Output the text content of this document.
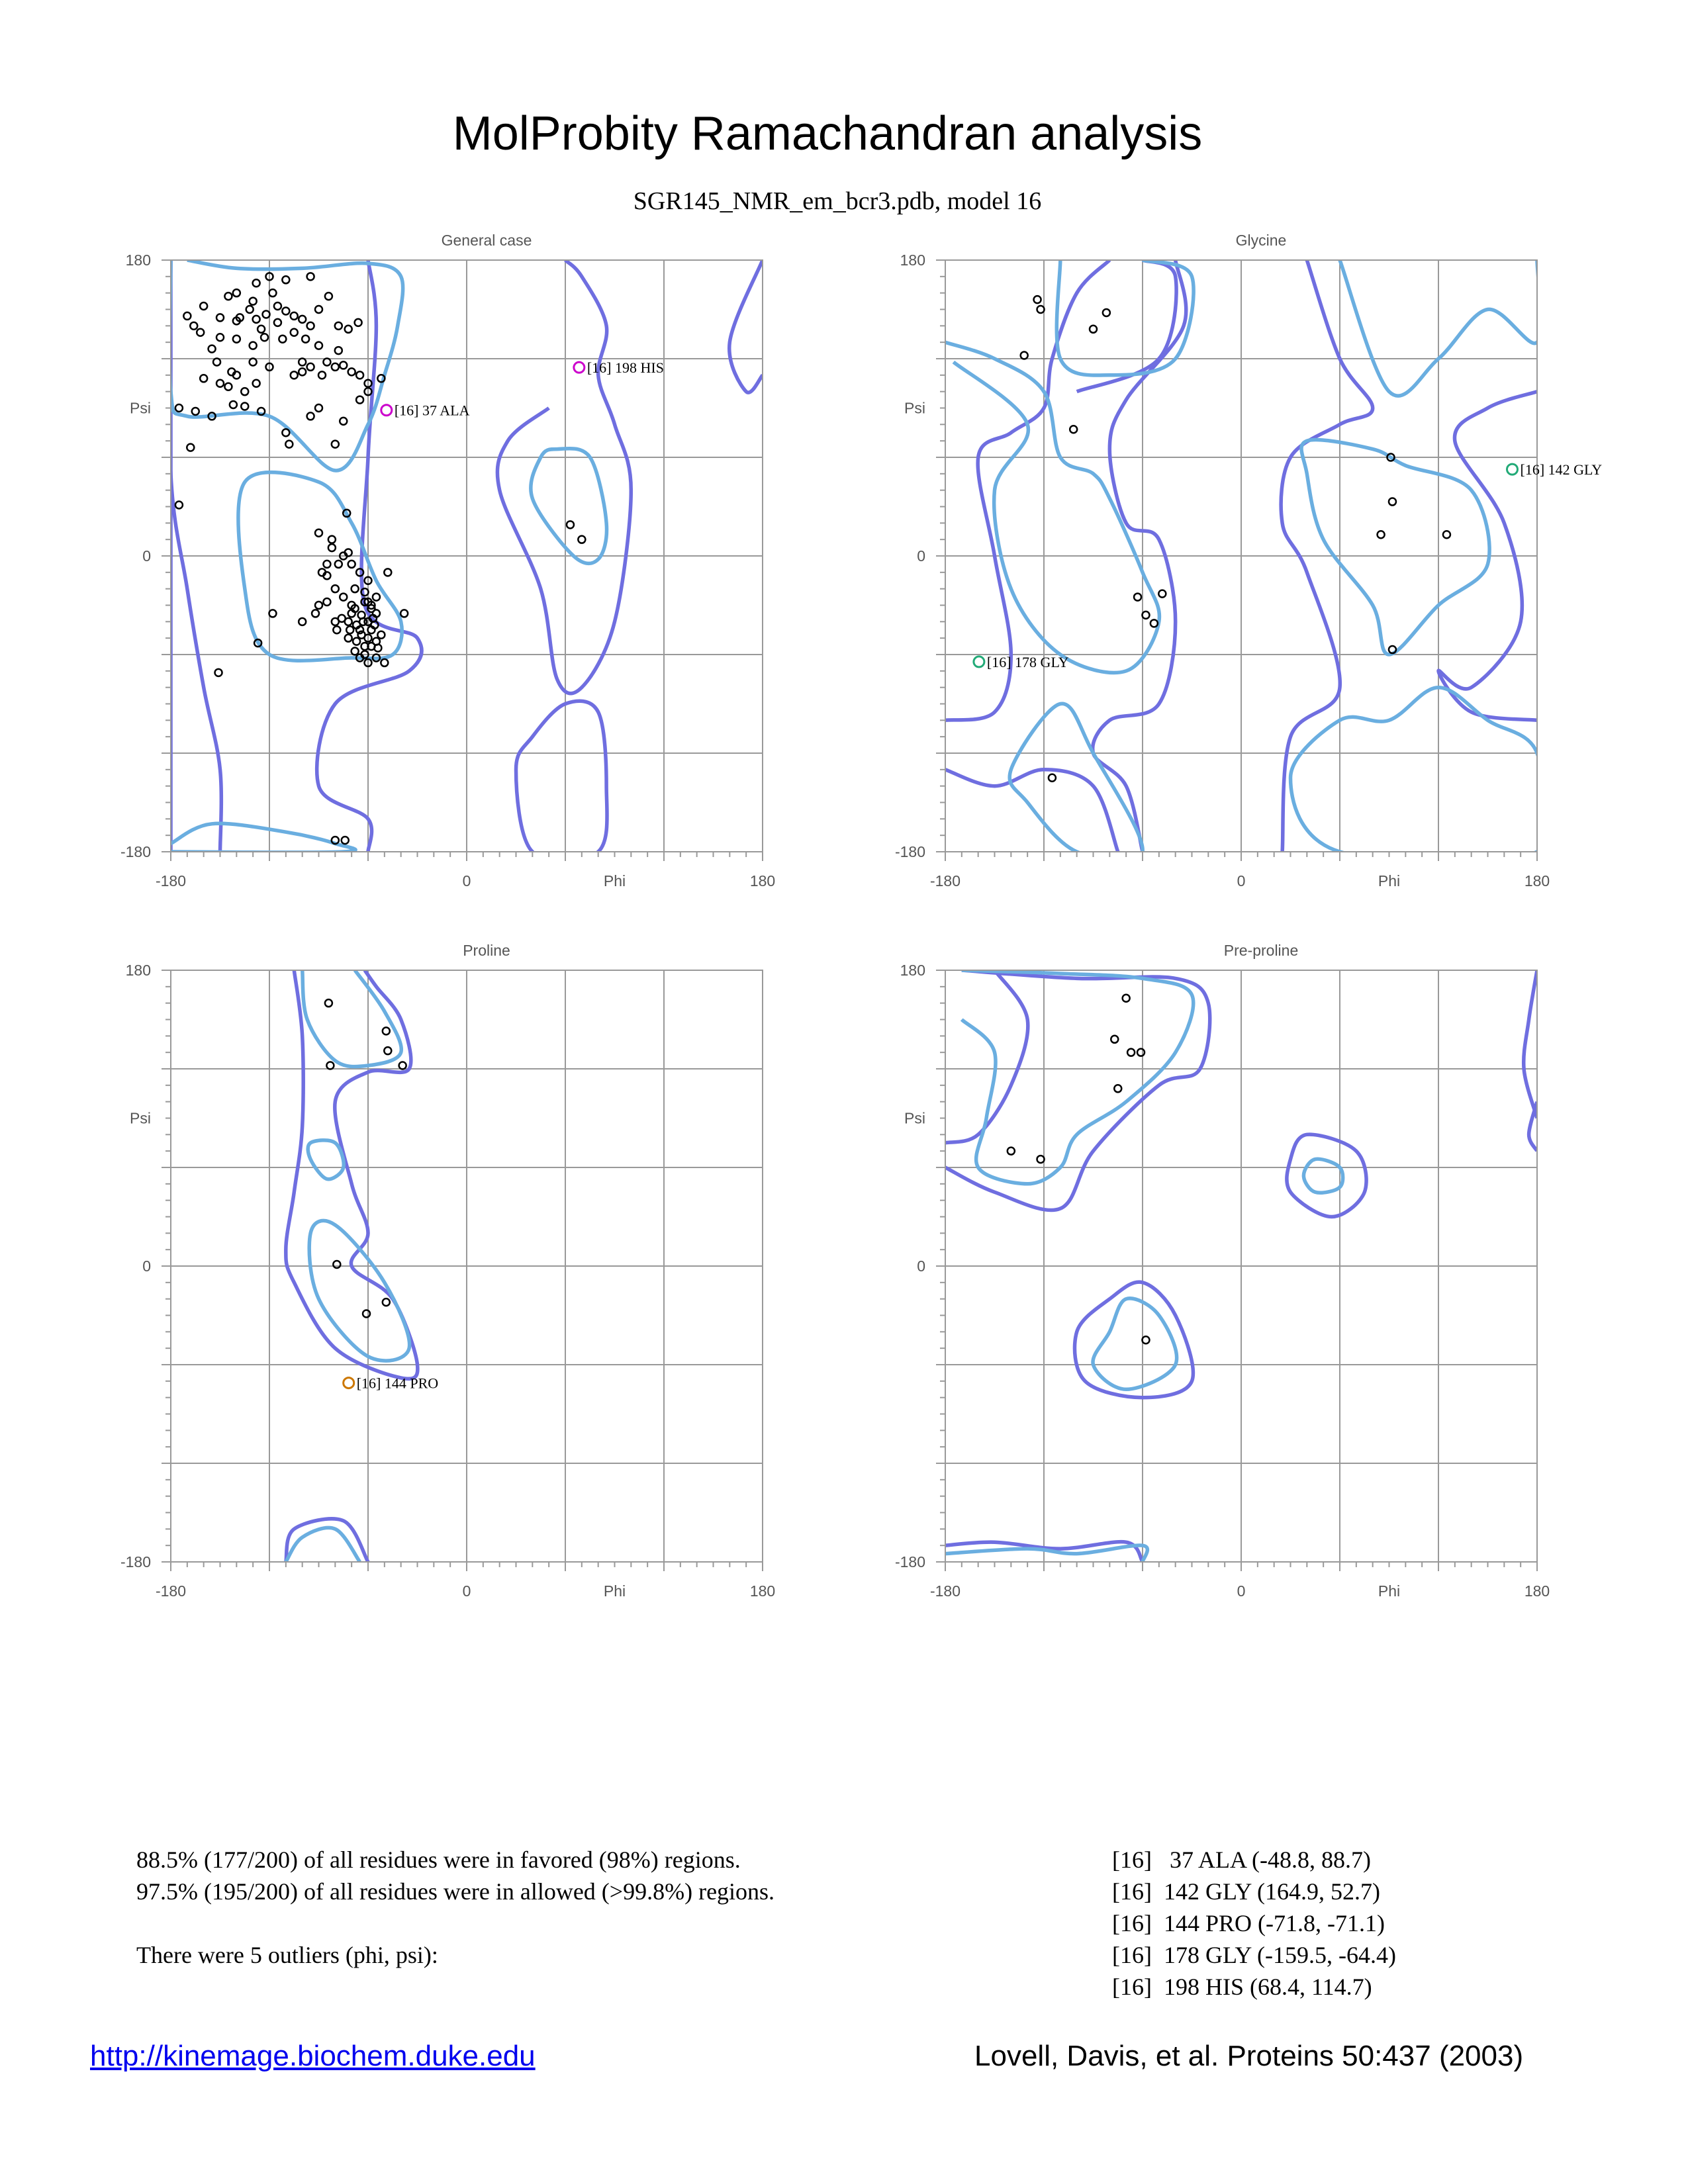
MolProbity Ramachandran analysis
SGR145_NMR_em_bcr3.pdb, model 16
General case
-180	0	180
180
0
-180
Phi
Psi	[16] 37 ALA
[16] 198 HIS
Glycine
-180	0	180
180
0
-180
Phi
Psi
[16] 142 GLY
[16] 178 GLY
Proline
-180	0	180
180
0
-180
Phi
Psi
[16] 144 PRO
Pre-proline
-180	0	180
180
0
-180
Phi
Psi
88.5% (177/200) of all residues were in favored (98%) regions.
97.5% (195/200) of all residues were in allowed (>99.8%) regions.
There were 5 outliers (phi, psi):
[16]   37 ALA (-48.8, 88.7)
[16]  142 GLY (164.9, 52.7)
[16]  144 PRO (-71.8, -71.1)
[16]  178 GLY (-159.5, -64.4)
[16]  198 HIS (68.4, 114.7)
http://kinemage.biochem.duke.edu	Lovell, Davis, et al. Proteins 50:437 (2003)
